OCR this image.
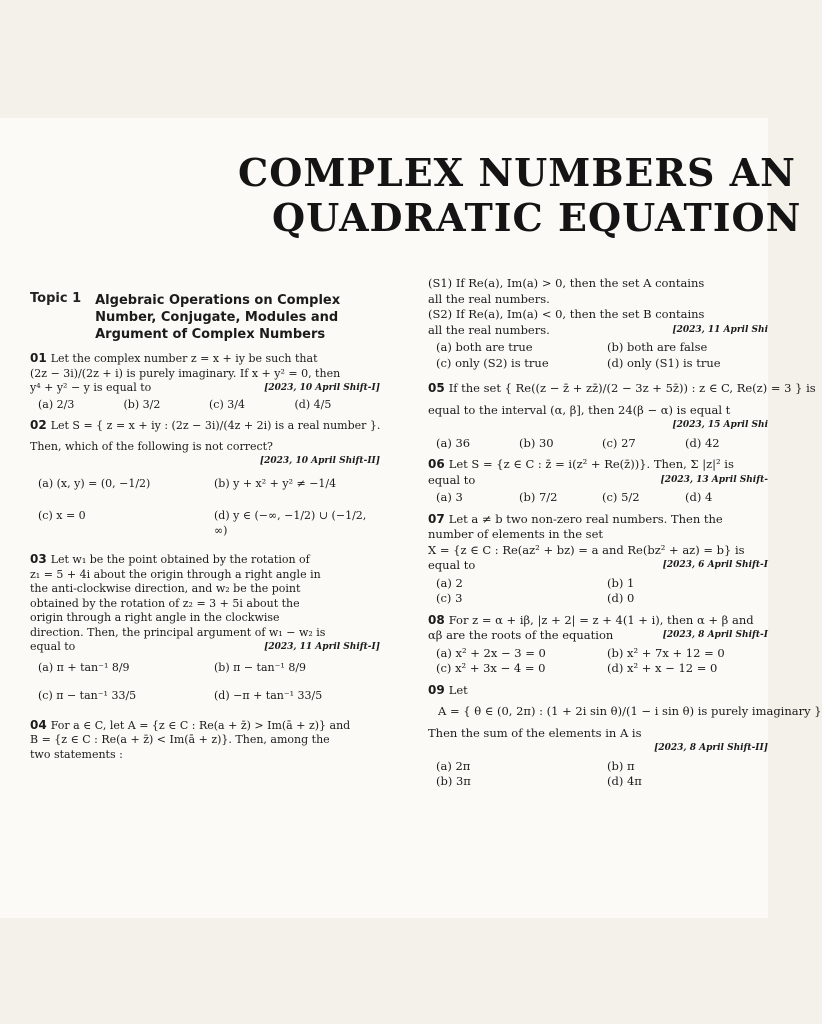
COMPLEX NUMBERS AN
QUADRATIC EQUATION
Topic 1 Algebraic Operations on Complex Number, Conjugate, Modules and Argument of Complex Numbers
01 Let the complex number z = x + iy be such that
(2z − 3i)/(2z + i) is purely imaginary. If x + y² = 0, then
y⁴ + y² − y is equal to	[2023, 10 April Shift-I]
(a) 2/3	(b) 3/2	(c) 3/4	(d) 4/5
02 Let S = { z = x + iy : (2z − 3i)/(4z + 2i) is a real number }.
Then, which of the following is not correct?
[2023, 10 April Shift-II]

(a) (x, y) = (0, −1/2)	(b) y + x² + y² ≠ −1/4
(c) x = 0	(d) y ∈ (−∞, −1/2) ∪ (−1/2, ∞)
03 Let w₁ be the point obtained by the rotation of
z₁ = 5 + 4i about the origin through a right angle in
the anti-clockwise direction, and w₂ be the point
obtained by the rotation of z₂ = 3 + 5i about the
origin through a right angle in the clockwise
direction. Then, the principal argument of w₁ − w₂ is
equal to	[2023, 11 April Shift-I]
(a) π + tan⁻¹ 8/9	(b) π − tan⁻¹ 8/9
(c) π − tan⁻¹ 33/5	(d) −π + tan⁻¹ 33/5
04 For a ∈ C, let A = {z ∈ C : Re(a + z̄) > Im(ā + z)} and
B = {z ∈ C : Re(a + z̄) < Im(ā + z)}. Then, among the
two statements :
(S1) If Re(a), Im(a) > 0, then the set A contains
all the real numbers.
(S2) If Re(a), Im(a) < 0, then the set B contains
all the real numbers.	[2023, 11 April Shi
(a) both are true	(b) both are false
(c) only (S2) is true	(d) only (S1) is true
05 If the set { Re((z − z̄ + zz̄)/(2 − 3z + 5z̄)) : z ∈ C, Re(z) = 3 } is
equal to the interval (α, β], then 24(β − α) is equal t
[2023, 15 April Shi

(a) 36	(b) 30	(c) 27	(d) 42
06 Let S = {z ∈ C : z̄ = i(z² + Re(z̄))}. Then, Σ |z|² is
equal to	[2023, 13 April Shift-
(a) 3	(b) 7/2	(c) 5/2	(d) 4
07 Let a ≠ b two non-zero real numbers. Then the
number of elements in the set
X = {z ∈ C : Re(az² + bz) = a and Re(bz² + az) = b} is
equal to	[2023, 6 April Shift-I
(a) 2	(b) 1
(c) 3	(d) 0
08 For z = α + iβ, |z + 2| = z + 4(1 + i), then α + β and
αβ are the roots of the equation	[2023, 8 April Shift-I
(a) x² + 2x − 3 = 0	(b) x² + 7x + 12 = 0
(c) x² + 3x − 4 = 0	(d) x² + x − 12 = 0
09 Let
A = { θ ∈ (0, 2π) : (1 + 2i sin θ)/(1 − i sin θ) is purely imaginary }
Then the sum of the elements in A is
[2023, 8 April Shift-II]

(a) 2π	(b) π
(b) 3π	(d) 4π
